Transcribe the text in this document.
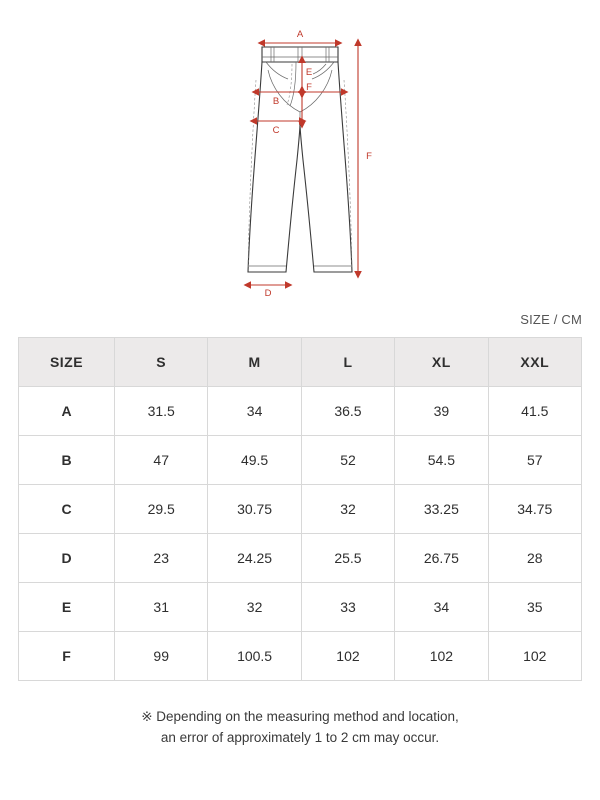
A
E
F
B
C
D
F
SIZE / CM
SIZE	S	M	L	XL	XXL
A	31.5	34	36.5	39	41.5
B	47	49.5	52	54.5	57
C	29.5	30.75	32	33.25	34.75
D	23	24.25	25.5	26.75	28
E	31	32	33	34	35
F	99	100.5	102	102	102
※ Depending on the measuring method and location,
an error of approximately 1 to 2 cm may occur.
